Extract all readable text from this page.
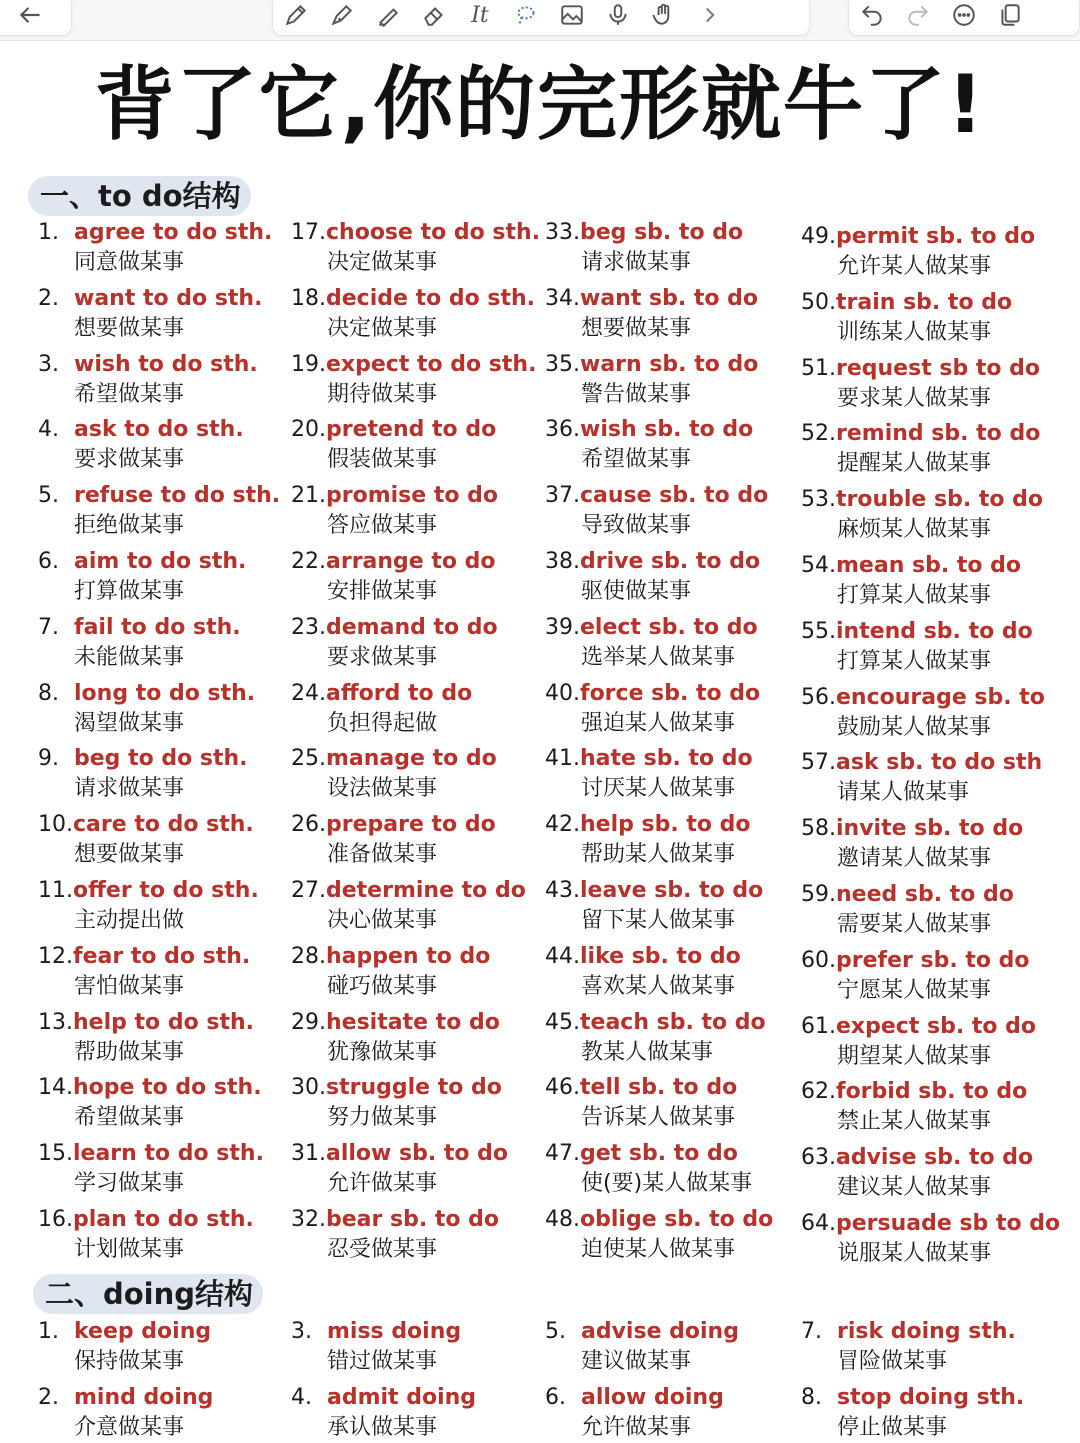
It
背了它,你的完形就牛了!
一、to do结构
1. agree to do sth.
同意做某事
2. want to do sth.
想要做某事
3. wish to do sth.
希望做某事
4. ask to do sth.
要求做某事
5. refuse to do sth.
拒绝做某事
6. aim to do sth.
打算做某事
7. fail to do sth.
未能做某事
8. long to do sth.
渴望做某事
9. beg to do sth.
请求做某事
10.care to do sth.
想要做某事
11.offer to do sth.
主动提出做
12.fear to do sth.
害怕做某事
13.help to do sth.
帮助做某事
14.hope to do sth.
希望做某事
15.learn to do sth.
学习做某事
16.plan to do sth.
计划做某事
17.choose to do sth.
决定做某事
18.decide to do sth.
决定做某事
19.expect to do sth.
期待做某事
20.pretend to do
假装做某事
21.promise to do
答应做某事
22.arrange to do
安排做某事
23.demand to do
要求做某事
24.afford to do
负担得起做
25.manage to do
设法做某事
26.prepare to do
准备做某事
27.determine to do
决心做某事
28.happen to do
碰巧做某事
29.hesitate to do
犹豫做某事
30.struggle to do
努力做某事
31.allow sb. to do
允许做某事
32.bear sb. to do
忍受做某事
33.beg sb. to do
请求做某事
34.want sb. to do
想要做某事
35.warn sb. to do
警告做某事
36.wish sb. to do
希望做某事
37.cause sb. to do
导致做某事
38.drive sb. to do
驱使做某事
39.elect sb. to do
选举某人做某事
40.force sb. to do
强迫某人做某事
41.hate sb. to do
讨厌某人做某事
42.help sb. to do
帮助某人做某事
43.leave sb. to do
留下某人做某事
44.like sb. to do
喜欢某人做某事
45.teach sb. to do
教某人做某事
46.tell sb. to do
告诉某人做某事
47.get sb. to do
使(要)某人做某事
48.oblige sb. to do
迫使某人做某事
49.permit sb. to do
允许某人做某事
50.train sb. to do
训练某人做某事
51.request sb to do
要求某人做某事
52.remind sb. to do
提醒某人做某事
53.trouble sb. to do
麻烦某人做某事
54.mean sb. to do
打算某人做某事
55.intend sb. to do
打算某人做某事
56.encourage sb. to
鼓励某人做某事
57.ask sb. to do sth
请某人做某事
58.invite sb. to do
邀请某人做某事
59.need sb. to do
需要某人做某事
60.prefer sb. to do
宁愿某人做某事
61.expect sb. to do
期望某人做某事
62.forbid sb. to do
禁止某人做某事
63.advise sb. to do
建议某人做某事
64.persuade sb to do
说服某人做某事
二、doing结构
1. keep doing
保持做某事
2. mind doing
介意做某事
3. miss doing
错过做某事
4. admit doing
承认做某事
5. advise doing
建议做某事
6. allow doing
允许做某事
7. risk doing sth.
冒险做某事
8. stop doing sth.
停止做某事
